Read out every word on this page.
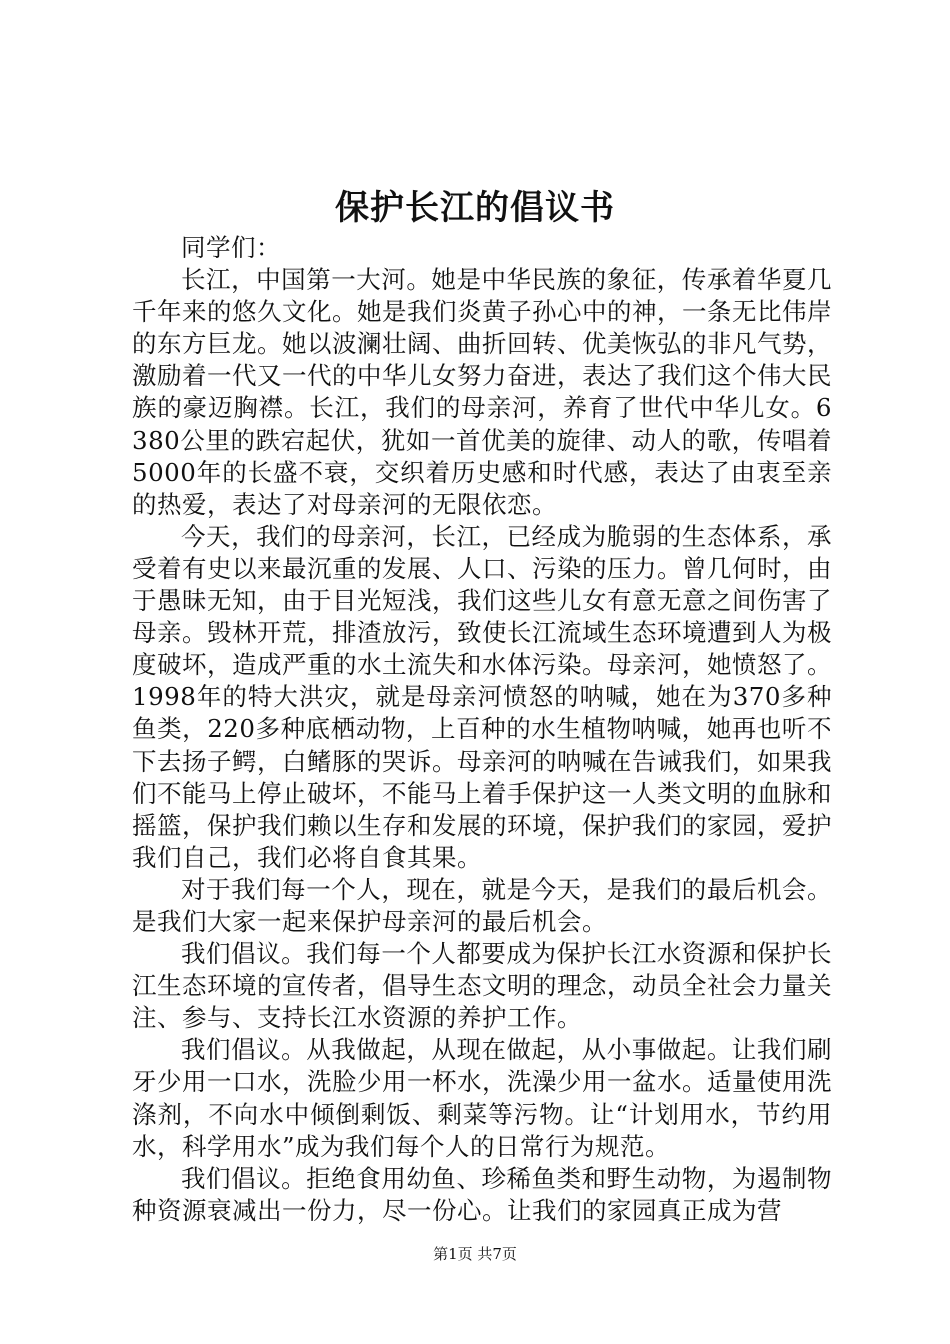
保护长江的倡议书

同学们：

长江，中国第一大河。她是中华民族的象征，传承着华夏几千年来的悠久文化。她是我们炎黄子孙心中的神，一条无比伟岸的东方巨龙。她以波澜壮阔、曲折回转、优美恢弘的非凡气势，激励着一代又一代的中华儿女努力奋进，表达了我们这个伟大民族的豪迈胸襟。长江，我们的母亲河，养育了世代中华儿女。6380公里的跌宕起伏，犹如一首优美的旋律、动人的歌，传唱着5000年的长盛不衰，交织着历史感和时代感，表达了由衷至亲的热爱，表达了对母亲河的无限依恋。

今天，我们的母亲河，长江，已经成为脆弱的生态体系，承受着有史以来最沉重的发展、人口、污染的压力。曾几何时，由于愚昧无知，由于目光短浅，我们这些儿女有意无意之间伤害了母亲。毁林开荒，排渣放污，致使长江流域生态环境遭到人为极度破坏，造成严重的水土流失和水体污染。母亲河，她愤怒了。1998年的特大洪灾，就是母亲河愤怒的呐喊，她在为370多种鱼类，220多种底栖动物，上百种的水生植物呐喊，她再也听不下去扬子鳄，白鳍豚的哭诉。母亲河的呐喊在告诫我们，如果我们不能马上停止破坏，不能马上着手保护这一人类文明的血脉和摇篮，保护我们赖以生存和发展的环境，保护我们的家园，爱护我们自己，我们必将自食其果。

对于我们每一个人，现在，就是今天，是我们的最后机会。是我们大家一起来保护母亲河的最后机会。

我们倡议。我们每一个人都要成为保护长江水资源和保护长江生态环境的宣传者，倡导生态文明的理念，动员全社会力量关注、参与、支持长江水资源的养护工作。

我们倡议。从我做起，从现在做起，从小事做起。让我们刷牙少用一口水，洗脸少用一杯水，洗澡少用一盆水。适量使用洗涤剂，不向水中倾倒剩饭、剩菜等污物。让“计划用水，节约用水，科学用水”成为我们每个人的日常行为规范。

我们倡议。拒绝食用幼鱼、珍稀鱼类和野生动物，为遏制物种资源衰减出一份力，尽一份心。让我们的家园真正成为营

第1页 共7页
